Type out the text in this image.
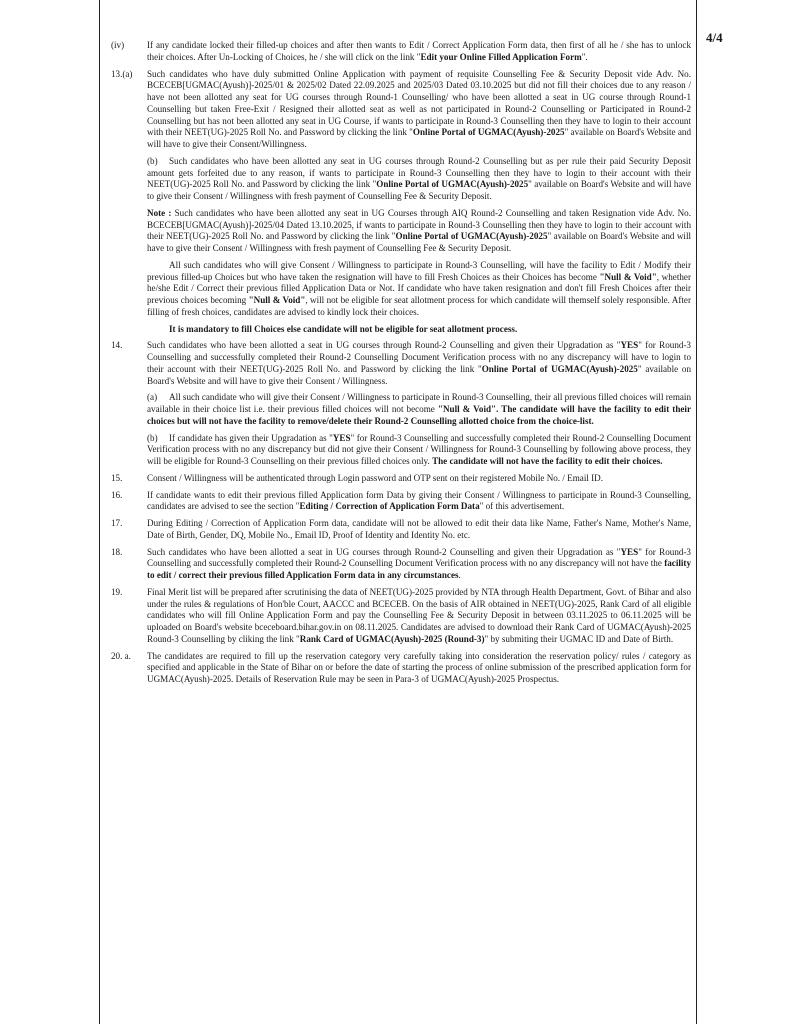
4/4
(iv)	If any candidate locked their filled-up choices and after then wants to Edit / Correct Application Form data, then first of all he / she has to unlock their choices. After Un-Locking of Choices, he / she will click on the link "Edit your Online Filled Application Form".
13.(a) Such candidates who have duly submitted Online Application with payment of requisite Counselling Fee & Security Deposit vide Adv. No. BCECEB[UGMAC(Ayush)]-2025/01 & 2025/02 Dated 22.09.2025 and 2025/03 Dated 03.10.2025 but did not fill their choices due to any reason / have not been allotted any seat for UG courses through Round-1 Counselling/ who have been allotted a seat in UG course through Round-1 Counselling but taken Free-Exit / Resigned their allotted seat as well as not participated in Round-2 Counselling or Participated in Round-2 Counselling but has not been allotted any seat in UG Course, if wants to participate in Round-3 Counselling then they have to login to their account with their NEET(UG)-2025 Roll No. and Password by clicking the link "Online Portal of UGMAC(Ayush)-2025" available on Board's Website and will have to give their Consent/Willingness.
(b) Such candidates who have been allotted any seat in UG courses through Round-2 Counselling but as per rule their paid Security Deposit amount gets forfeited due to any reason, if wants to participate in Round-3 Counselling then they have to login to their account with their NEET(UG)-2025 Roll No. and Password by clicking the link "Online Portal of UGMAC(Ayush)-2025" available on Board's Website and will have to give their Consent / Willingness with fresh payment of Counselling Fee & Security Deposit.
Note : Such candidates who have been allotted any seat in UG Courses through AIQ Round-2 Counselling and taken Resignation vide Adv. No. BCECEB[UGMAC(Ayush)]-2025/04 Dated 13.10.2025, if wants to participate in Round-3 Counselling then they have to login to their account with their NEET(UG)-2025 Roll No. and Password by clicking the link "Online Portal of UGMAC(Ayush)-2025" available on Board's Website and will have to give their Consent / Willingness with fresh payment of Counselling Fee & Security Deposit.
All such candidates who will give Consent / Willingness to participate in Round-3 Counselling, will have the facility to Edit / Modify their previous filled-up Choices but who have taken the resignation will have to fill Fresh Choices as their Choices has become "Null & Void", whether he/she Edit / Correct their previous filled Application Data or Not. If candidate who have taken resignation and don't fill Fresh Choices after their previous choices becoming "Null & Void", will not be eligible for seat allotment process for which candidate will themself solely responsible. After filling of fresh choices, candidates are advised to kindly lock their choices.
It is mandatory to fill Choices else candidate will not be eligible for seat allotment process.
14.	Such candidates who have been allotted a seat in UG courses through Round-2 Counselling and given their Upgradation as "YES" for Round-3 Counselling and successfully completed their Round-2 Counselling Document Verification process with no any discrepancy will have to login to their account with their NEET(UG)-2025 Roll No. and Password by clicking the link "Online Portal of UGMAC(Ayush)-2025" available on Board's Website and will have to give their Consent / Willingness.
(a) All such candidate who will give their Consent / Willingness to participate in Round-3 Counselling, their all previous filled choices will remain available in their choice list i.e. their previous filled choices will not become "Null & Void". The candidate will have the facility to edit their choices but will not have the facility to remove/delete their Round-2 Counselling allotted choice from the choice-list.
(b) If candidate has given their Upgradation as "YES" for Round-3 Counselling and successfully completed their Round-2 Counselling Document Verification process with no any discrepancy but did not give their Consent / Willingness for Round-3 Counselling by following above process, they will be eligible for Round-3 Counselling on their previous filled choices only. The candidate will not have the facility to edit their choices.
15.	Consent / Willingness will be authenticated through Login password and OTP sent on their registered Mobile No. / Email ID.
16.	If candidate wants to edit their previous filled Application form Data by giving their Consent / Willingness to participate in Round-3 Counselling, candidates are advised to see the section "Editing / Correction of Application Form Data" of this advertisement.
17.	During Editing / Correction of Application Form data, candidate will not be allowed to edit their data like Name, Father's Name, Mother's Name, Date of Birth, Gender, DQ, Mobile No., Email ID, Proof of Identity and Identity No. etc.
18.	Such candidates who have been allotted a seat in UG courses through Round-2 Counselling and given their Upgradation as "YES" for Round-3 Counselling and successfully completed their Round-2 Counselling Document Verification process with no any discrepancy will not have the facility to edit / correct their previous filled Application Form data in any circumstances.
19.	Final Merit list will be prepared after scrutinising the data of NEET(UG)-2025 provided by NTA through Health Department, Govt. of Bihar and also under the rules & regulations of Hon'ble Court, AACCC and BCECEB. On the basis of AIR obtained in NEET(UG)-2025, Rank Card of all eligible candidates who will fill Online Application Form and pay the Counselling Fee & Security Deposit in between 03.11.2025 to 06.11.2025 will be uploaded on Board's website bceceboard.bihar.gov.in on 08.11.2025. Candidates are advised to download their Rank Card of UGMAC(Ayush)-2025 Round-3 Counselling by cliking the link "Rank Card of UGMAC(Ayush)-2025 (Round-3)" by submiting their UGMAC ID and Date of Birth.
20. a. The candidates are required to fill up the reservation category very carefully taking into consideration the reservation policy/ rules / category as specified and applicable in the State of Bihar on or before the date of starting the process of online submission of the prescribed application form for UGMAC(Ayush)-2025. Details of Reservation Rule may be seen in Para-3 of UGMAC(Ayush)-2025 Prospectus.
